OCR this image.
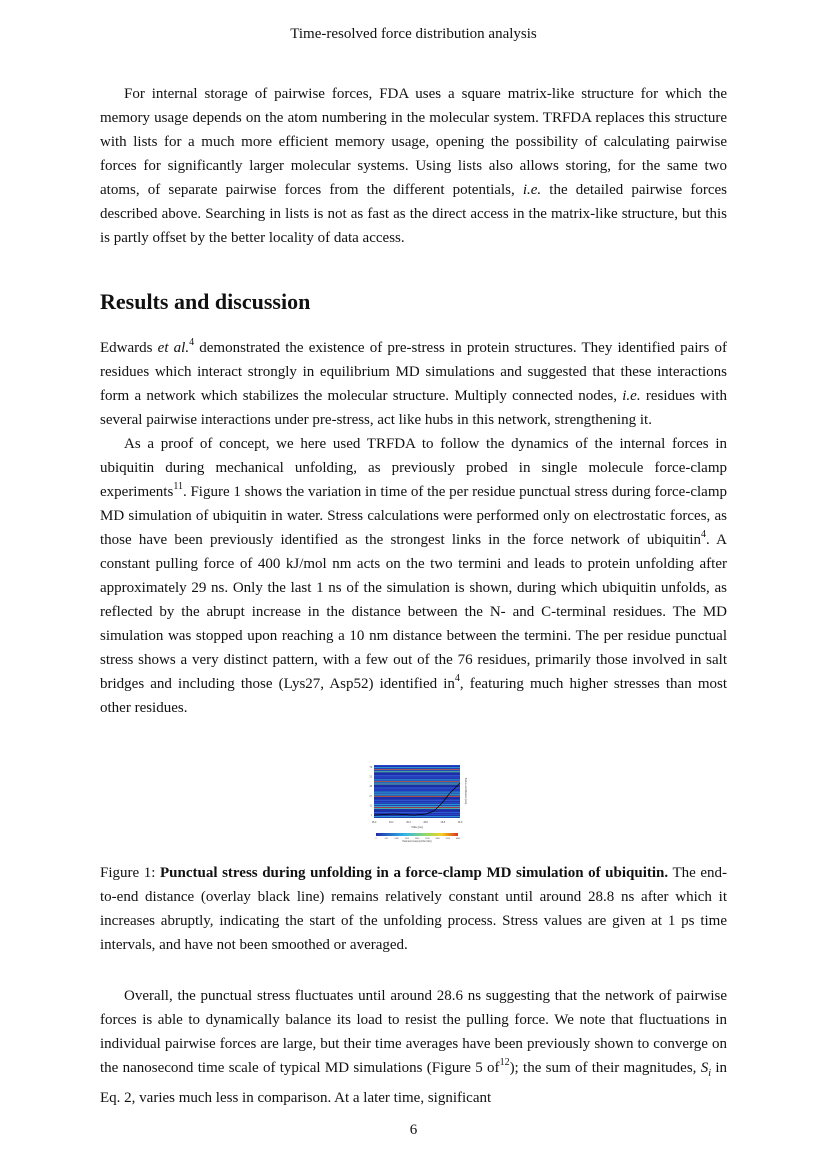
Time-resolved force distribution analysis

For internal storage of pairwise forces, FDA uses a square matrix-like structure for which the memory usage depends on the atom numbering in the molecular system. TRFDA replaces this structure with lists for a much more efficient memory usage, opening the possibility of calculating pairwise forces for significantly larger molecular systems. Using lists also allows storing, for the same two atoms, of separate pairwise forces from the different potentials, i.e. the detailed pairwise forces described above. Searching in lists is not as fast as the direct access in the matrix-like structure, but this is partly offset by the better locality of data access.

Results and discussion

Edwards et al.$^4$ demonstrated the existence of pre-stress in protein structures. They identified pairs of residues which interact strongly in equilibrium MD simulations and suggested that these interactions form a network which stabilizes the molecular structure. Multiply connected nodes, i.e. residues with several pairwise interactions under pre-stress, act like hubs in this network, strengthening it.

As a proof of concept, we here used TRFDA to follow the dynamics of the internal forces in ubiquitin during mechanical unfolding, as previously probed in single molecule force-clamp experiments$^{11}$. Figure 1 shows the variation in time of the per residue punctual stress during force-clamp MD simulation of ubiquitin in water. Stress calculations were performed only on electrostatic forces, as those have been previously identified as the strongest links in the force network of ubiquitin$^4$. A constant pulling force of 400 kJ/mol nm acts on the two termini and leads to protein unfolding after approximately 29 ns. Only the last 1 ns of the simulation is shown, during which ubiquitin unfolds, as reflected by the abrupt increase in the distance between the N- and C-terminal residues. The MD simulation was stopped upon reaching a 10 nm distance between the termini. The per residue punctual stress shows a very distinct pattern, with a few out of the 76 residues, primarily those involved in salt bridges and including those (Lys27, Asp52) identified $in^4$, featuring much higher stresses than most other residues.

28.0	28.2	28.4	28.6	28.8	29.0
76
52
48
27
11
1
Time (ns)
End-to-end distance (nm)
0	500	1000	1500	2000	2500	3000	3500	4000
Punctual stress (kJ/mol nm)

Figure 1: Punctual stress during unfolding in a force-clamp MD simulation of ubiquitin. The end-to-end distance (overlay black line) remains relatively constant until around 28.8 ns after which it increases abruptly, indicating the start of the unfolding process. Stress values are given at 1 ps time intervals, and have not been smoothed or averaged.

Overall, the punctual stress fluctuates until around 28.6 ns suggesting that the network of pairwise forces is able to dynamically balance its load to resist the pulling force. We note that fluctuations in individual pairwise forces are large, but their time averages have been previously shown to converge on the nanosecond time scale of typical MD simulations (Figure 5 $of^{12}$); the sum of their magnitudes, $S_i$ in Eq. 2, varies much less in comparison. At a later time, significant

6
